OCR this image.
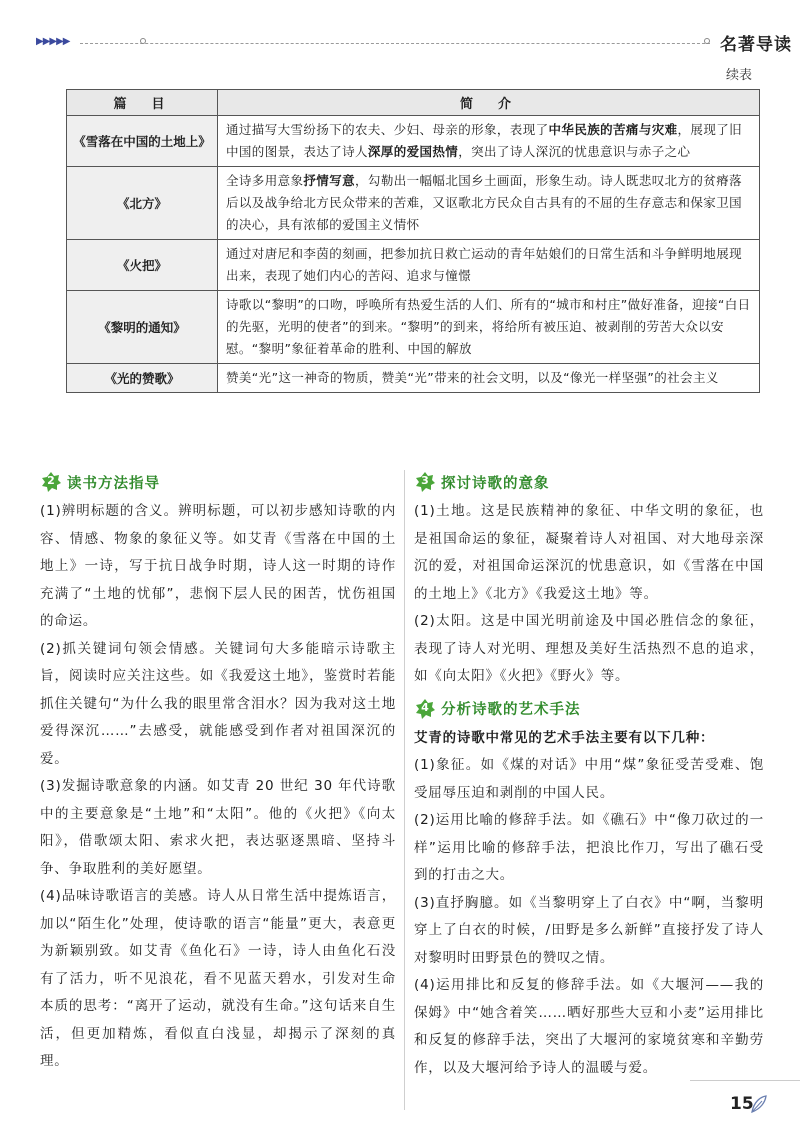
▶▶▶▶▶	名著导读
续表
篇　目	简　介
《雪落在中国的土地上》	通过描写大雪纷扬下的农夫、少妇、母亲的形象，表现了中华民族的苦痛与灾难，展现了旧中国的图景，表达了诗人深厚的爱国热情，突出了诗人深沉的忧患意识与赤子之心
《北方》	全诗多用意象抒情写意，勾勒出一幅幅北国乡土画面，形象生动。诗人既悲叹北方的贫瘠落后以及战争给北方民众带来的苦难，又讴歌北方民众自古具有的不屈的生存意志和保家卫国的决心，具有浓郁的爱国主义情怀
《火把》	通过对唐尼和李茵的刻画，把参加抗日救亡运动的青年姑娘们的日常生活和斗争鲜明地展现出来，表现了她们内心的苦闷、追求与憧憬
《黎明的通知》	诗歌以“黎明”的口吻，呼唤所有热爱生活的人们、所有的“城市和村庄”做好准备，迎接“白日的先驱，光明的使者”的到来。“黎明”的到来，将给所有被压迫、被剥削的劳苦大众以安慰。“黎明”象征着革命的胜利、中国的解放
《光的赞歌》	赞美“光”这一神奇的物质，赞美“光”带来的社会文明，以及“像光一样坚强”的社会主义
2 读书方法指导

(1)辨明标题的含义。辨明标题，可以初步感知诗歌的内容、情感、物象的象征义等。如艾青《雪落在中国的土地上》一诗，写于抗日战争时期，诗人这一时期的诗作充满了“土地的忧郁”，悲悯下层人民的困苦，忧伤祖国的命运。

(2)抓关键词句领会情感。关键词句大多能暗示诗歌主旨，阅读时应关注这些。如《我爱这土地》，鉴赏时若能抓住关键句“为什么我的眼里常含泪水？因为我对这土地爱得深沉……”去感受，就能感受到作者对祖国深沉的爱。

(3)发掘诗歌意象的内涵。如艾青 20 世纪 30 年代诗歌中的主要意象是“土地”和“太阳”。他的《火把》《向太阳》，借歌颂太阳、索求火把，表达驱逐黑暗、坚持斗争、争取胜利的美好愿望。

(4)品味诗歌语言的美感。诗人从日常生活中提炼语言，加以“陌生化”处理，使诗歌的语言“能量”更大，表意更为新颖别致。如艾青《鱼化石》一诗，诗人由鱼化石没有了活力，听不见浪花，看不见蓝天碧水，引发对生命本质的思考：“离开了运动，就没有生命。”这句话来自生活，但更加精炼，看似直白浅显，却揭示了深刻的真理。

3 探讨诗歌的意象

(1)土地。这是民族精神的象征、中华文明的象征，也是祖国命运的象征，凝聚着诗人对祖国、对大地母亲深沉的爱，对祖国命运深沉的忧患意识，如《雪落在中国的土地上》《北方》《我爱这土地》等。

(2)太阳。这是中国光明前途及中国必胜信念的象征，表现了诗人对光明、理想及美好生活热烈不息的追求，如《向太阳》《火把》《野火》等。

4 分析诗歌的艺术手法

艾青的诗歌中常见的艺术手法主要有以下几种：

(1)象征。如《煤的对话》中用“煤”象征受苦受难、饱受屈辱压迫和剥削的中国人民。

(2)运用比喻的修辞手法。如《礁石》中“像刀砍过的一样”运用比喻的修辞手法，把浪比作刀，写出了礁石受到的打击之大。

(3)直抒胸臆。如《当黎明穿上了白衣》中“啊，当黎明穿上了白衣的时候，/田野是多么新鲜”直接抒发了诗人对黎明时田野景色的赞叹之情。

(4)运用排比和反复的修辞手法。如《大堰河——我的保姆》中“她含着笑……晒好那些大豆和小麦”运用排比和反复的修辞手法，突出了大堰河的家境贫寒和辛勤劳作，以及大堰河给予诗人的温暖与爱。

15
